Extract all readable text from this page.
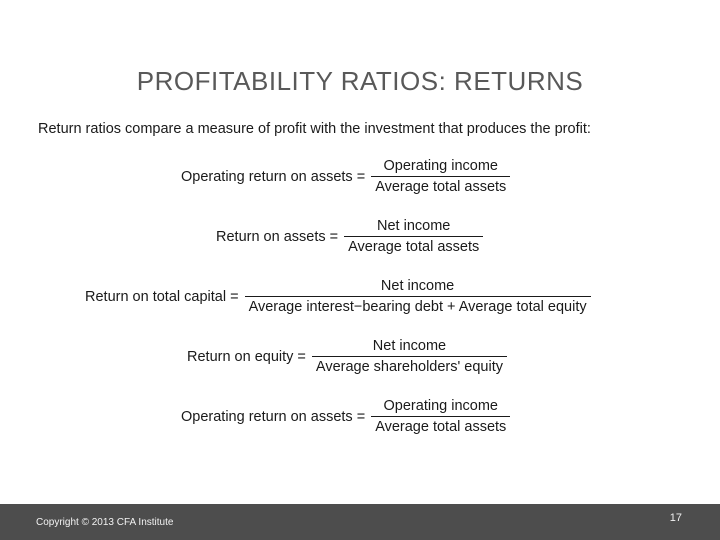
PROFITABILITY RATIOS: RETURNS
Return ratios compare a measure of profit with the investment that produces the profit:
Operating return on assets = $\frac{\text{Operating income}}{\text{Average total assets}}$
Return on assets = $\frac{\text{Net income}}{\text{Average total assets}}$
Return on total capital = $\frac{\text{Net income}}{\text{Average interest−bearing debt + Average total equity}}$
Return on equity = $\frac{\text{Net income}}{\text{Average shareholders' equity}}$
Operating return on assets = $\frac{\text{Operating income}}{\text{Average total assets}}$
Copyright © 2013 CFA Institute	17
